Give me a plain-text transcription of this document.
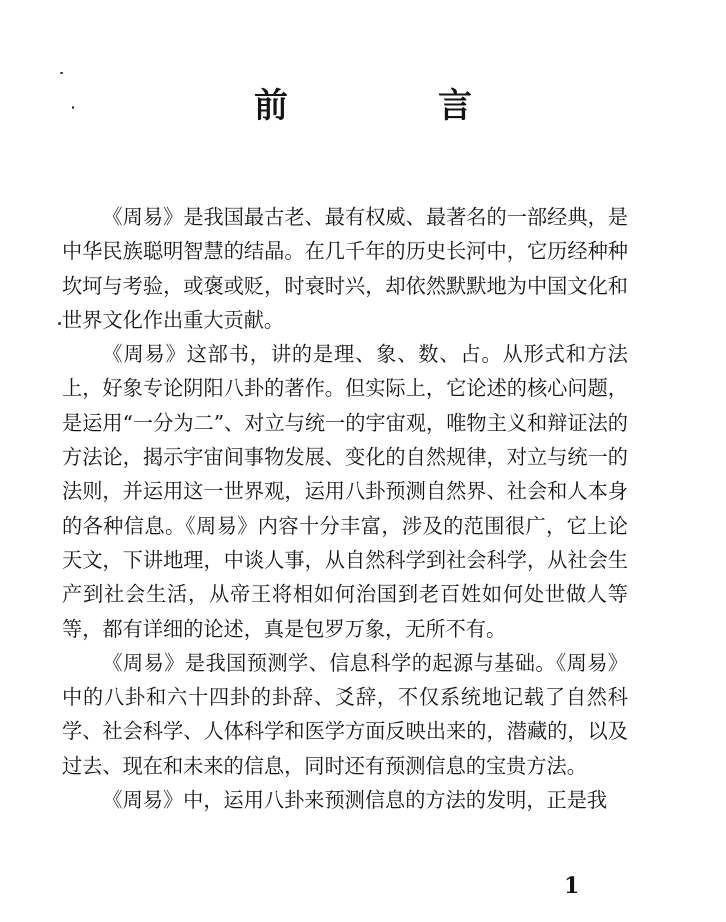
前　言

《周易》是我国最古老、最有权威、最著名的一部经典，是中华民族聪明智慧的结晶。在几千年的历史长河中，它历经种种坎坷与考验，或褒或贬，时衰时兴，却依然默默地为中国文化和世界文化作出重大贡献。

《周易》这部书，讲的是理、象、数、占。从形式和方法上，好象专论阴阳八卦的著作。但实际上，它论述的核心问题，是运用“一分为二”、对立与统一的宇宙观，唯物主义和辩证法的方法论，揭示宇宙间事物发展、变化的自然规律，对立与统一的法则，并运用这一世界观，运用八卦预测自然界、社会和人本身的各种信息。《周易》内容十分丰富，涉及的范围很广，它上论天文，下讲地理，中谈人事，从自然科学到社会科学，从社会生产到社会生活，从帝王将相如何治国到老百姓如何处世做人等等，都有详细的论述，真是包罗万象，无所不有。

《周易》是我国预测学、信息科学的起源与基础。《周易》中的八卦和六十四卦的卦辞、爻辞，不仅系统地记载了自然科学、社会科学、人体科学和医学方面反映出来的，潜藏的，以及过去、现在和未来的信息，同时还有预测信息的宝贵方法。

《周易》中，运用八卦来预测信息的方法的发明，正是我

1
